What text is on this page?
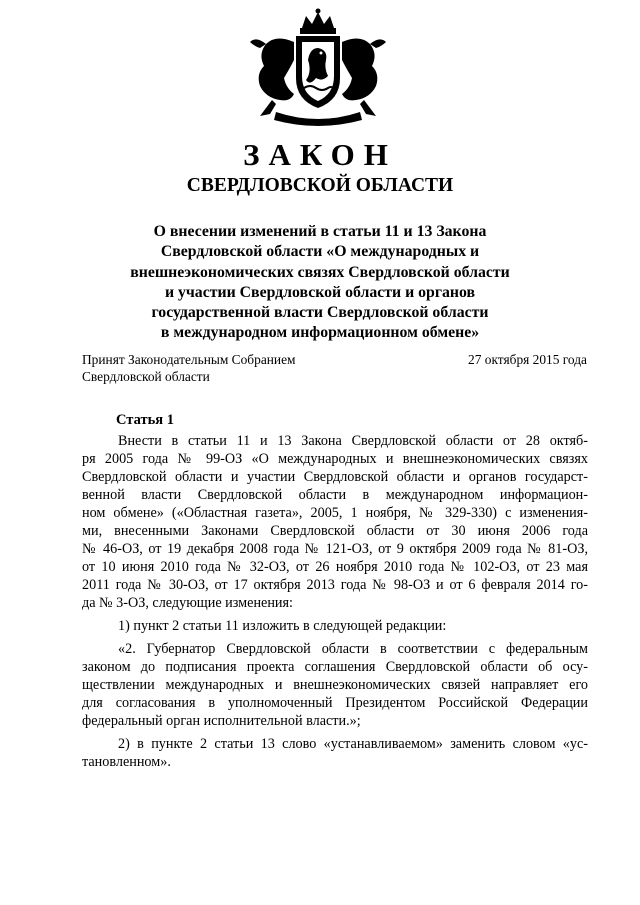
ЗАКОН
СВЕРДЛОВСКОЙ ОБЛАСТИ
О внесении изменений в статьи 11 и 13 Закона
Свердловской области «О международных и
внешнеэкономических связях Свердловской области
и участии Свердловской области и органов
государственной власти Свердловской области
в международном информационном обмене»
Принят Законодательным Собранием
Свердловской области
27 октября 2015 года
Статья 1
Внести в статьи 11 и 13 Закона Свердловской области от 28 октяб-
ря 2005 года № 99-ОЗ «О международных и внешнеэкономических связях
Свердловской области и участии Свердловской области и органов государст-
венной власти Свердловской области в международном информацион-
ном обмене» («Областная газета», 2005, 1 ноября, № 329-330) с изменения-
ми, внесенными Законами Свердловской области от 30 июня 2006 года
№ 46-ОЗ, от 19 декабря 2008 года № 121-ОЗ, от 9 октября 2009 года № 81-ОЗ,
от 10 июня 2010 года № 32-ОЗ, от 26 ноября 2010 года № 102-ОЗ, от 23 мая
2011 года № 30-ОЗ, от 17 октября 2013 года № 98-ОЗ и от 6 февраля 2014 го-
да № 3-ОЗ, следующие изменения:
1) пункт 2 статьи 11 изложить в следующей редакции:
«2. Губернатор Свердловской области в соответствии с федеральным
законом до подписания проекта соглашения Свердловской области об осу-
ществлении международных и внешнеэкономических связей направляет его
для согласования в уполномоченный Президентом Российской Федерации
федеральный орган исполнительной власти.»;
2) в пункте 2 статьи 13 слово «устанавливаемом» заменить словом «ус-
тановленном».
